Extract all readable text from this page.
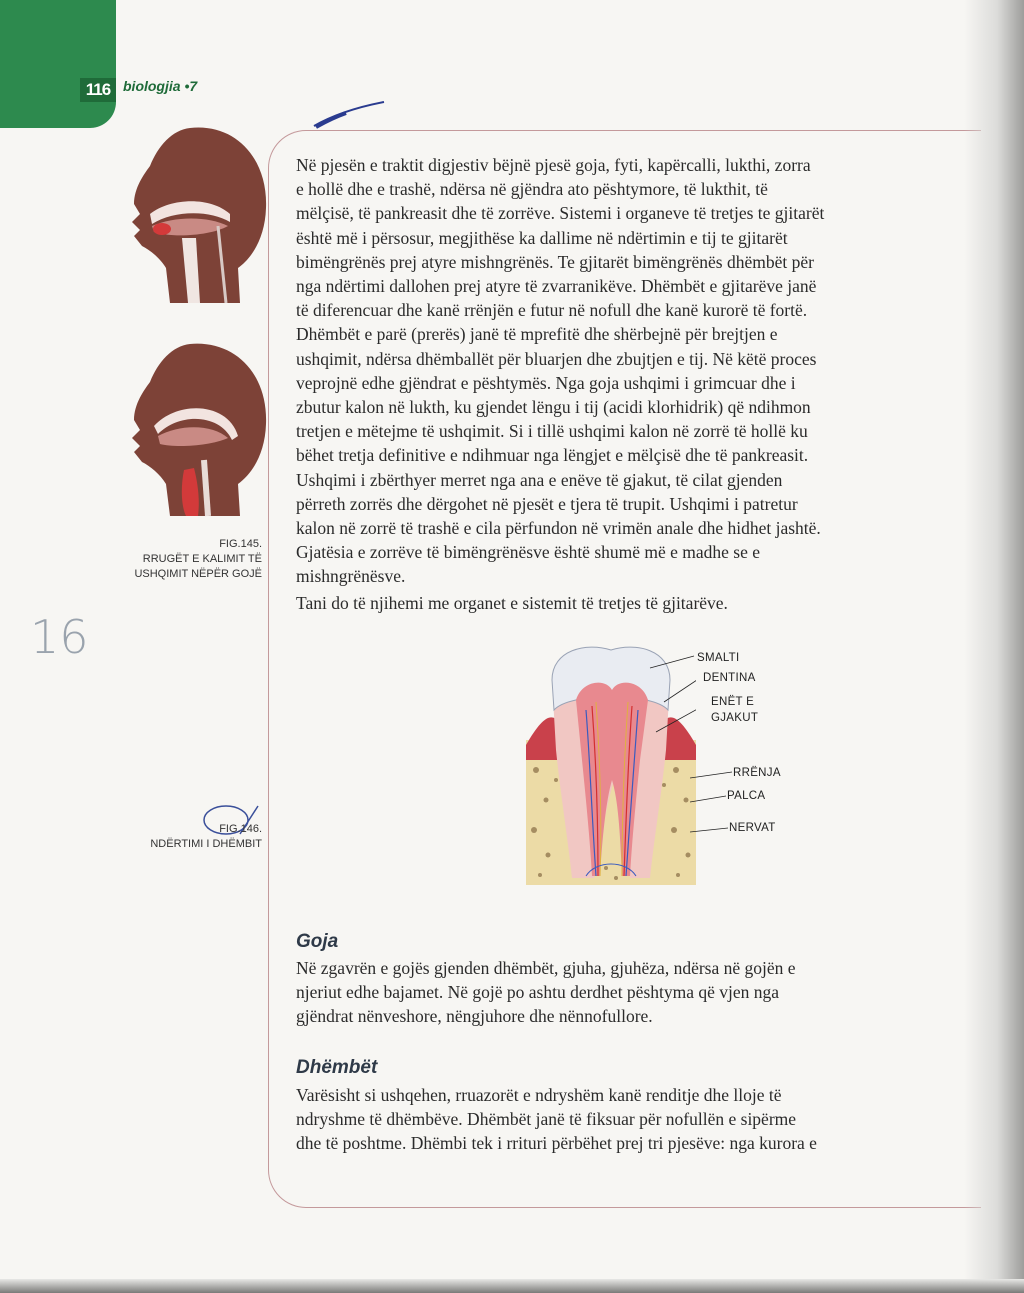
116 biologjia •7
FIG.145.
RRUGËT E KALIMIT TË
USHQIMIT NËPËR GOJË
16
FIG.146.
NDËRTIMI I DHËMBIT
Në pjesën e traktit digjestiv bëjnë pjesë goja, fyti, kapërcalli, lukthi, zorra
e hollë dhe e trashë, ndërsa në gjëndra ato pështymore, të lukthit, të
mëlçisë, të pankreasit dhe të zorrëve. Sistemi i organeve të tretjes te gjitarët
është më i përsosur, megjithëse ka dallime në ndërtimin e tij te gjitarët
bimëngrënës prej atyre mishngrënës. Te gjitarët bimëngrënës dhëmbët për
nga ndërtimi dallohen prej atyre të zvarranikëve. Dhëmbët e gjitarëve janë
të diferencuar dhe kanë rrënjën e futur në nofull dhe kanë kurorë të fortë.
Dhëmbët e parë (prerës) janë të mprefitë dhe shërbejnë për brejtjen e
ushqimit, ndërsa dhëmballët për bluarjen dhe zbujtjen e tij. Në këtë proces
veprojnë edhe gjëndrat e pështymës. Nga goja ushqimi i grimcuar dhe i
zbutur kalon në lukth, ku gjendet lëngu i tij (acidi klorhidrik) që ndihmon
tretjen e mëtejme të ushqimit. Si i tillë ushqimi kalon në zorrë të hollë ku
bëhet tretja definitive e ndihmuar nga lëngjet e mëlçisë dhe të pankreasit.
Ushqimi i zbërthyer merret nga ana e enëve të gjakut, të cilat gjenden
përreth zorrës dhe dërgohet në pjesët e tjera të trupit. Ushqimi i patretur
kalon në zorrë të trashë e cila përfundon në vrimën anale dhe hidhet jashtë.
Gjatësia e zorrëve të bimëngrënësve është shumë më e madhe se e
mishngrënësve.
Tani do të njihemi me organet e sistemit të tretjes të gjitarëve.
SMALTI
DENTINA
ENËT E
GJAKUT
RRËNJA
PALCA
NERVAT
Goja
Në zgavrën e gojës gjenden dhëmbët, gjuha, gjuhëza, ndërsa në gojën e
njeriut edhe bajamet. Në gojë po ashtu derdhet pështyma që vjen nga
gjëndrat nënveshore, nëngjuhore dhe nënnofullore.
Dhëmbët
Varësisht si ushqehen, rruazorët e ndryshëm kanë renditje dhe lloje të
ndryshme të dhëmbëve. Dhëmbët janë të fiksuar për nofullën e sipërme
dhe të poshtme. Dhëmbi tek i rrituri përbëhet prej tri pjesëve: nga kurora e
